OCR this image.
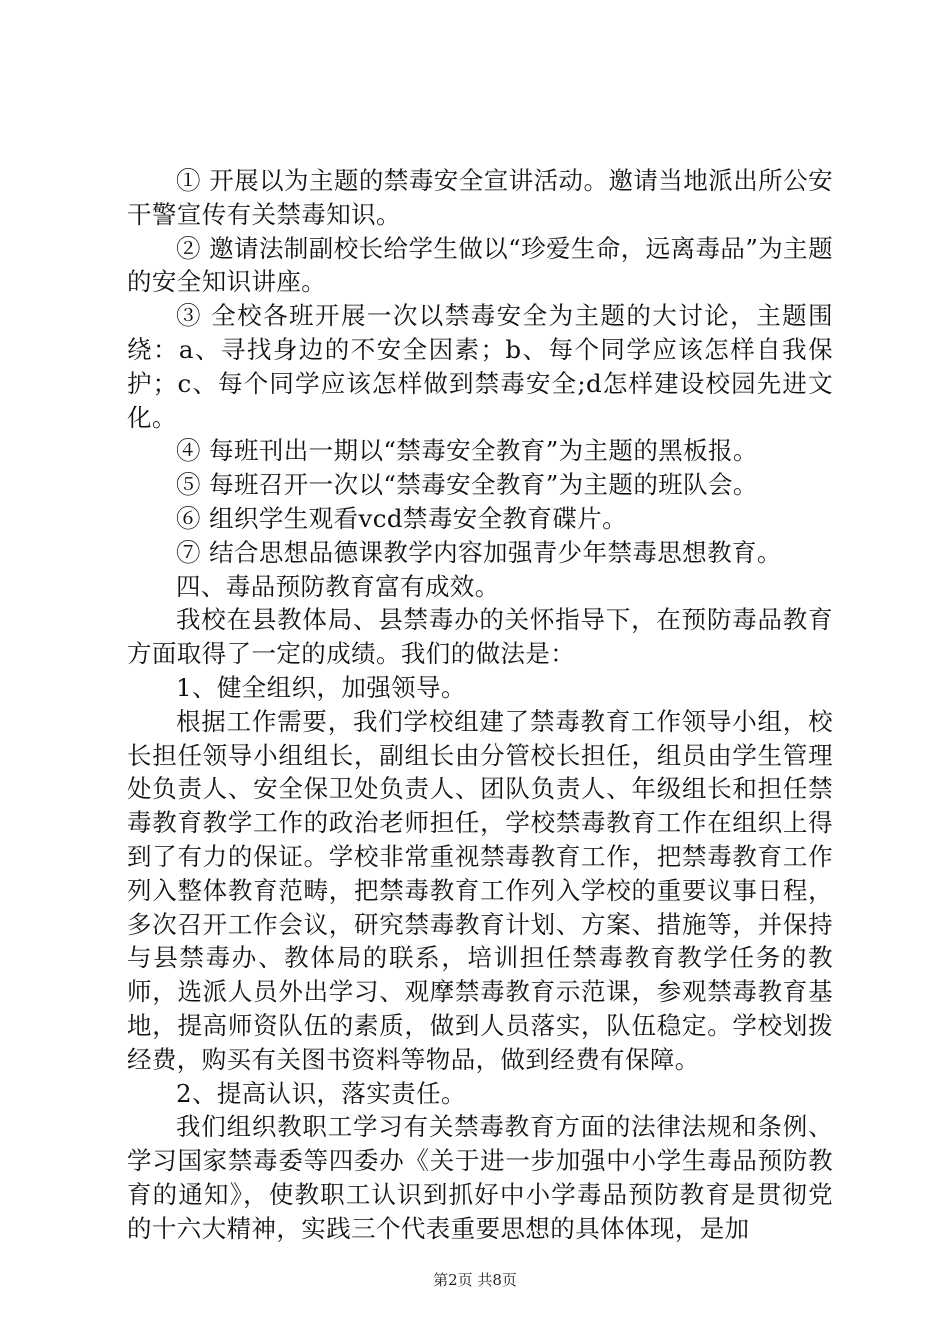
① 开展以为主题的禁毒安全宣讲活动。邀请当地派出所公安干警宣传有关禁毒知识。

② 邀请法制副校长给学生做以“珍爱生命，远离毒品”为主题的安全知识讲座。

③ 全校各班开展一次以禁毒安全为主题的大讨论，主题围绕：a、寻找身边的不安全因素；b、每个同学应该怎样自我保护；c、每个同学应该怎样做到禁毒安全;d怎样建设校园先进文化。

④ 每班刊出一期以“禁毒安全教育”为主题的黑板报。

⑤ 每班召开一次以“禁毒安全教育”为主题的班队会。

⑥ 组织学生观看vcd禁毒安全教育碟片。

⑦ 结合思想品德课教学内容加强青少年禁毒思想教育。

四、毒品预防教育富有成效。

我校在县教体局、县禁毒办的关怀指导下，在预防毒品教育方面取得了一定的成绩。我们的做法是：

1、健全组织，加强领导。

根据工作需要，我们学校组建了禁毒教育工作领导小组，校长担任领导小组组长，副组长由分管校长担任，组员由学生管理处负责人、安全保卫处负责人、团队负责人、年级组长和担任禁毒教育教学工作的政治老师担任，学校禁毒教育工作在组织上得到了有力的保证。学校非常重视禁毒教育工作，把禁毒教育工作列入整体教育范畴，把禁毒教育工作列入学校的重要议事日程，多次召开工作会议，研究禁毒教育计划、方案、措施等，并保持与县禁毒办、教体局的联系，培训担任禁毒教育教学任务的教师，选派人员外出学习、观摩禁毒教育示范课，参观禁毒教育基地，提高师资队伍的素质，做到人员落实，队伍稳定。学校划拨经费，购买有关图书资料等物品，做到经费有保障。

2、提高认识，落实责任。

我们组织教职工学习有关禁毒教育方面的法律法规和条例、学习国家禁毒委等四委办《关于进一步加强中小学生毒品预防教育的通知》，使教职工认识到抓好中小学毒品预防教育是贯彻党的十六大精神，实践三个代表重要思想的具体体现，是加

第2页 共8页
